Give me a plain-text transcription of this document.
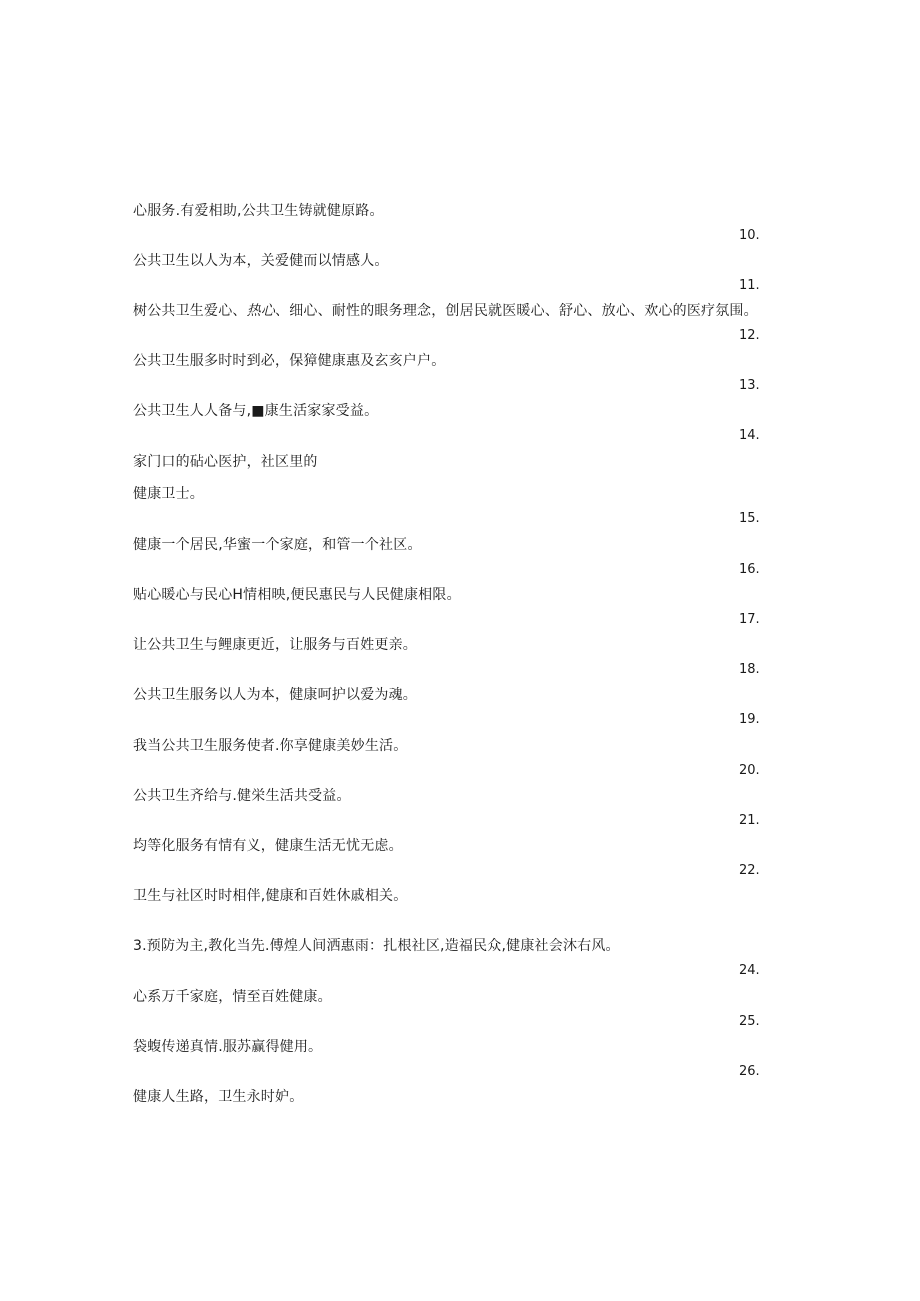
心服务.有爱相助,公共卫生铸就健原路。
10.
公共卫生以人为本，关爱健而以情感人。
11.
树公共卫生爱心、热心、细心、耐性的眼务理念，创居民就医暖心、舒心、放心、欢心的医疗氛围。
12.
公共卫生服多时时到必，保獐健康惠及玄亥户户。
13.
公共卫生人人备与,■康生活家家受益。
14.
家门口的砧心医护，社区里的
健康卫士。
15.
健康一个居民,华蜜一个家庭，和管一个社区。
16.
贴心暖心与民心H情相映,便民惠民与人民健康相限。
17.
让公共卫生与鲤康更近，让服务与百姓更亲。
18.
公共卫生服务以人为本，健康呵护以爱为魂。
19.
我当公共卫生服务使者.你享健康美妙生活。
20.
公共卫生齐给与.健栄生活共受益。
21.
均等化服务有情有义，健康生活无忧无虑。
22.
卫生与社区时时相伴,健康和百姓休戚相关。
3.预防为主,教化当先.傅煌人间洒惠雨：扎根社区,造福民众,健康社会沐右风。
24.
心系万千家庭，情至百姓健康。
25.
袋蝮传递真情.服苏赢得健用。
26.
健康人生路，卫生永时妒。
